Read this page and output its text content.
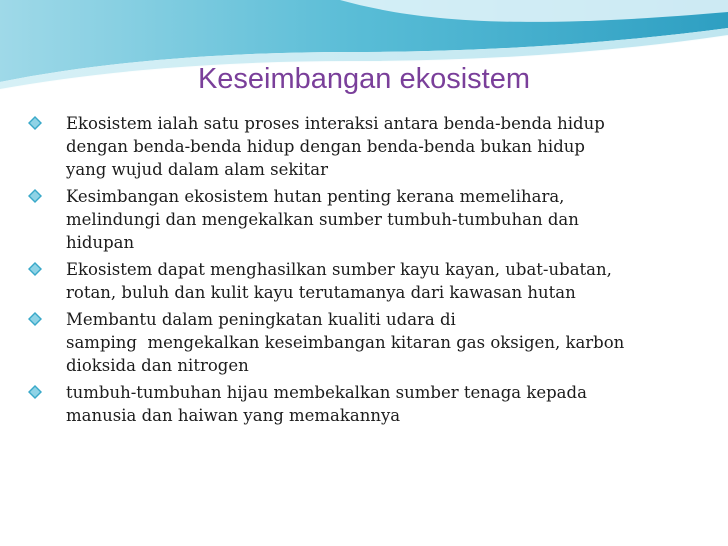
Keseimbangan ekosistem
Ekosistem ialah satu proses interaksi antara benda-benda hidup
dengan benda-benda hidup dengan benda-benda bukan hidup
yang wujud dalam alam sekitar
Kesimbangan ekosistem hutan penting kerana memelihara,
melindungi dan mengekalkan sumber tumbuh-tumbuhan dan
hidupan
Ekosistem dapat menghasilkan sumber kayu kayan, ubat-ubatan,
rotan, buluh dan kulit kayu terutamanya dari kawasan hutan
Membantu dalam peningkatan kualiti udara di
samping  mengekalkan keseimbangan kitaran gas oksigen, karbon
dioksida dan nitrogen
tumbuh-tumbuhan hijau membekalkan sumber tenaga kepada
manusia dan haiwan yang memakannya
